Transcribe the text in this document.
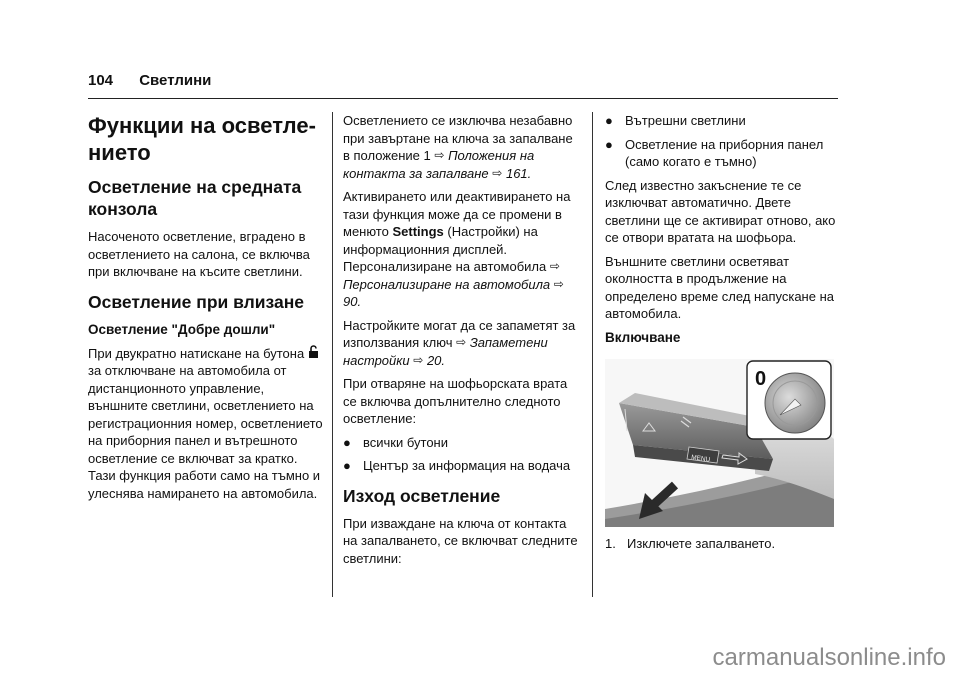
104 Светлини
Функции на осветле-нието
Осветление на средната конзола

Насоченото осветление, вградено в осветлението на салона, се включва при включване на късите светлини.

Осветление при влизане
Осветление "Добре дошли"

При двукратно натискане на бутона  за отключване на автомобила от дистанционното управление, външните светлини, осветлението на регистрационния номер, осветлението на приборния панел и вътрешното осветление се включват за кратко. Тази функция работи само на тъмно и улеснява намирането на автомобила.

Осветлението се изключва незабавно при завъртане на ключа за запалване в положение 1 ⇨ Положения на контакта за запалване ⇨ 161.

Активирането или деактивирането на тази функция може да се промени в менюто Settings (Настройки) на информационния дисплей. Персонализиране на автомобила ⇨ Персонализиране на автомобила ⇨ 90.

Настройките могат да се запаметят за използвания ключ ⇨ Запаметени настройки ⇨ 20.

При отваряне на шофьорската врата се включва допълнително следното осветление:

● всички бутони
● Център за информация на водача
Изход осветление

При изваждане на ключа от контакта на запалването, се включват следните светлини:

● Вътрешни светлини
● Осветление на приборния панел (само когато е тъмно)

След известно закъснение те се изключват автоматично. Двете светлини ще се активират отново, ако се отвори вратата на шофьора.

Външните светлини осветяват околността в продължение на определено време след напускане на автомобила.

Включване
MENU
0
1. Изключете запалването.
carmanualsonline.info
